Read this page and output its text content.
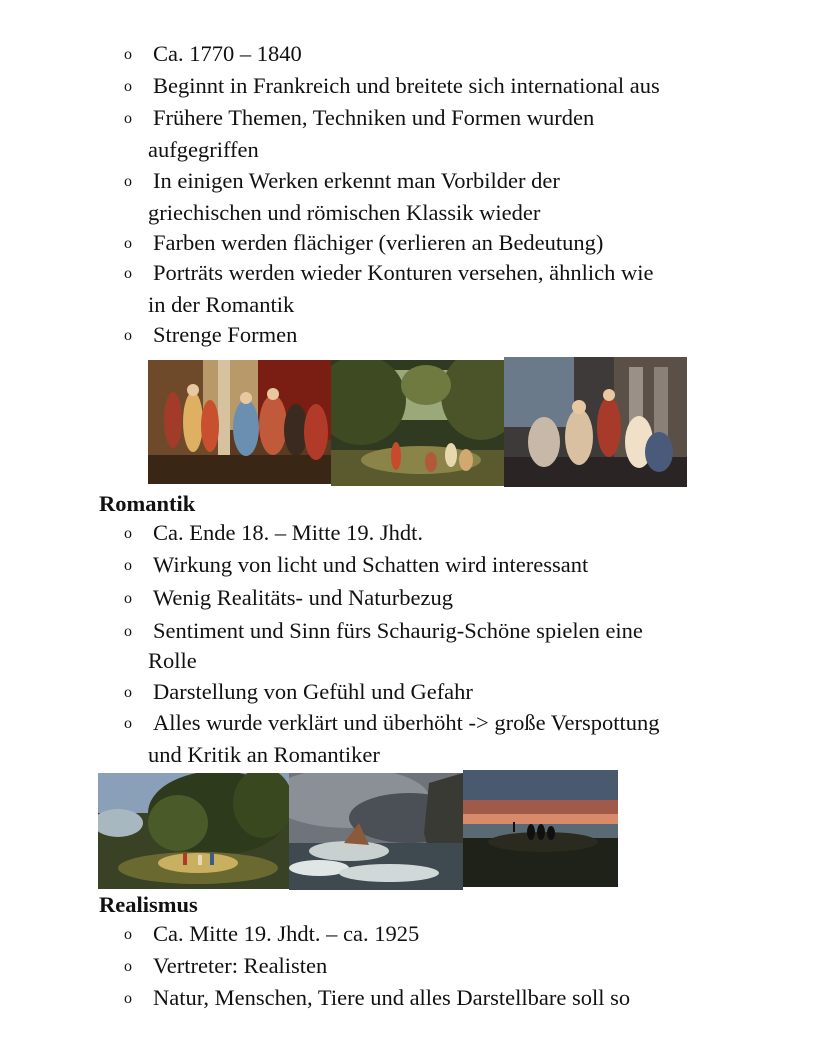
o
Ca. 1770 – 1840
o
Beginnt in Frankreich und breitete sich international aus
o
Frühere Themen, Techniken und Formen wurden
aufgegriffen
o
In einigen Werken erkennt man Vorbilder der
griechischen und römischen Klassik wieder
o
Farben werden flächiger (verlieren an Bedeutung)
o
Porträts werden wieder Konturen versehen, ähnlich wie
in der Romantik
o
Strenge Formen
Romantik
o
Ca. Ende 18. – Mitte 19. Jhdt.
o
Wirkung von licht und Schatten wird interessant
o
Wenig Realitäts- und Naturbezug
o
Sentiment und Sinn fürs Schaurig-Schöne spielen eine
Rolle
o
Darstellung von Gefühl und Gefahr
o
Alles wurde verklärt und überhöht -> große Verspottung
und Kritik an Romantiker
Realismus
o
Ca. Mitte 19. Jhdt. – ca. 1925
o
Vertreter: Realisten
o
Natur, Menschen, Tiere und alles Darstellbare soll so
